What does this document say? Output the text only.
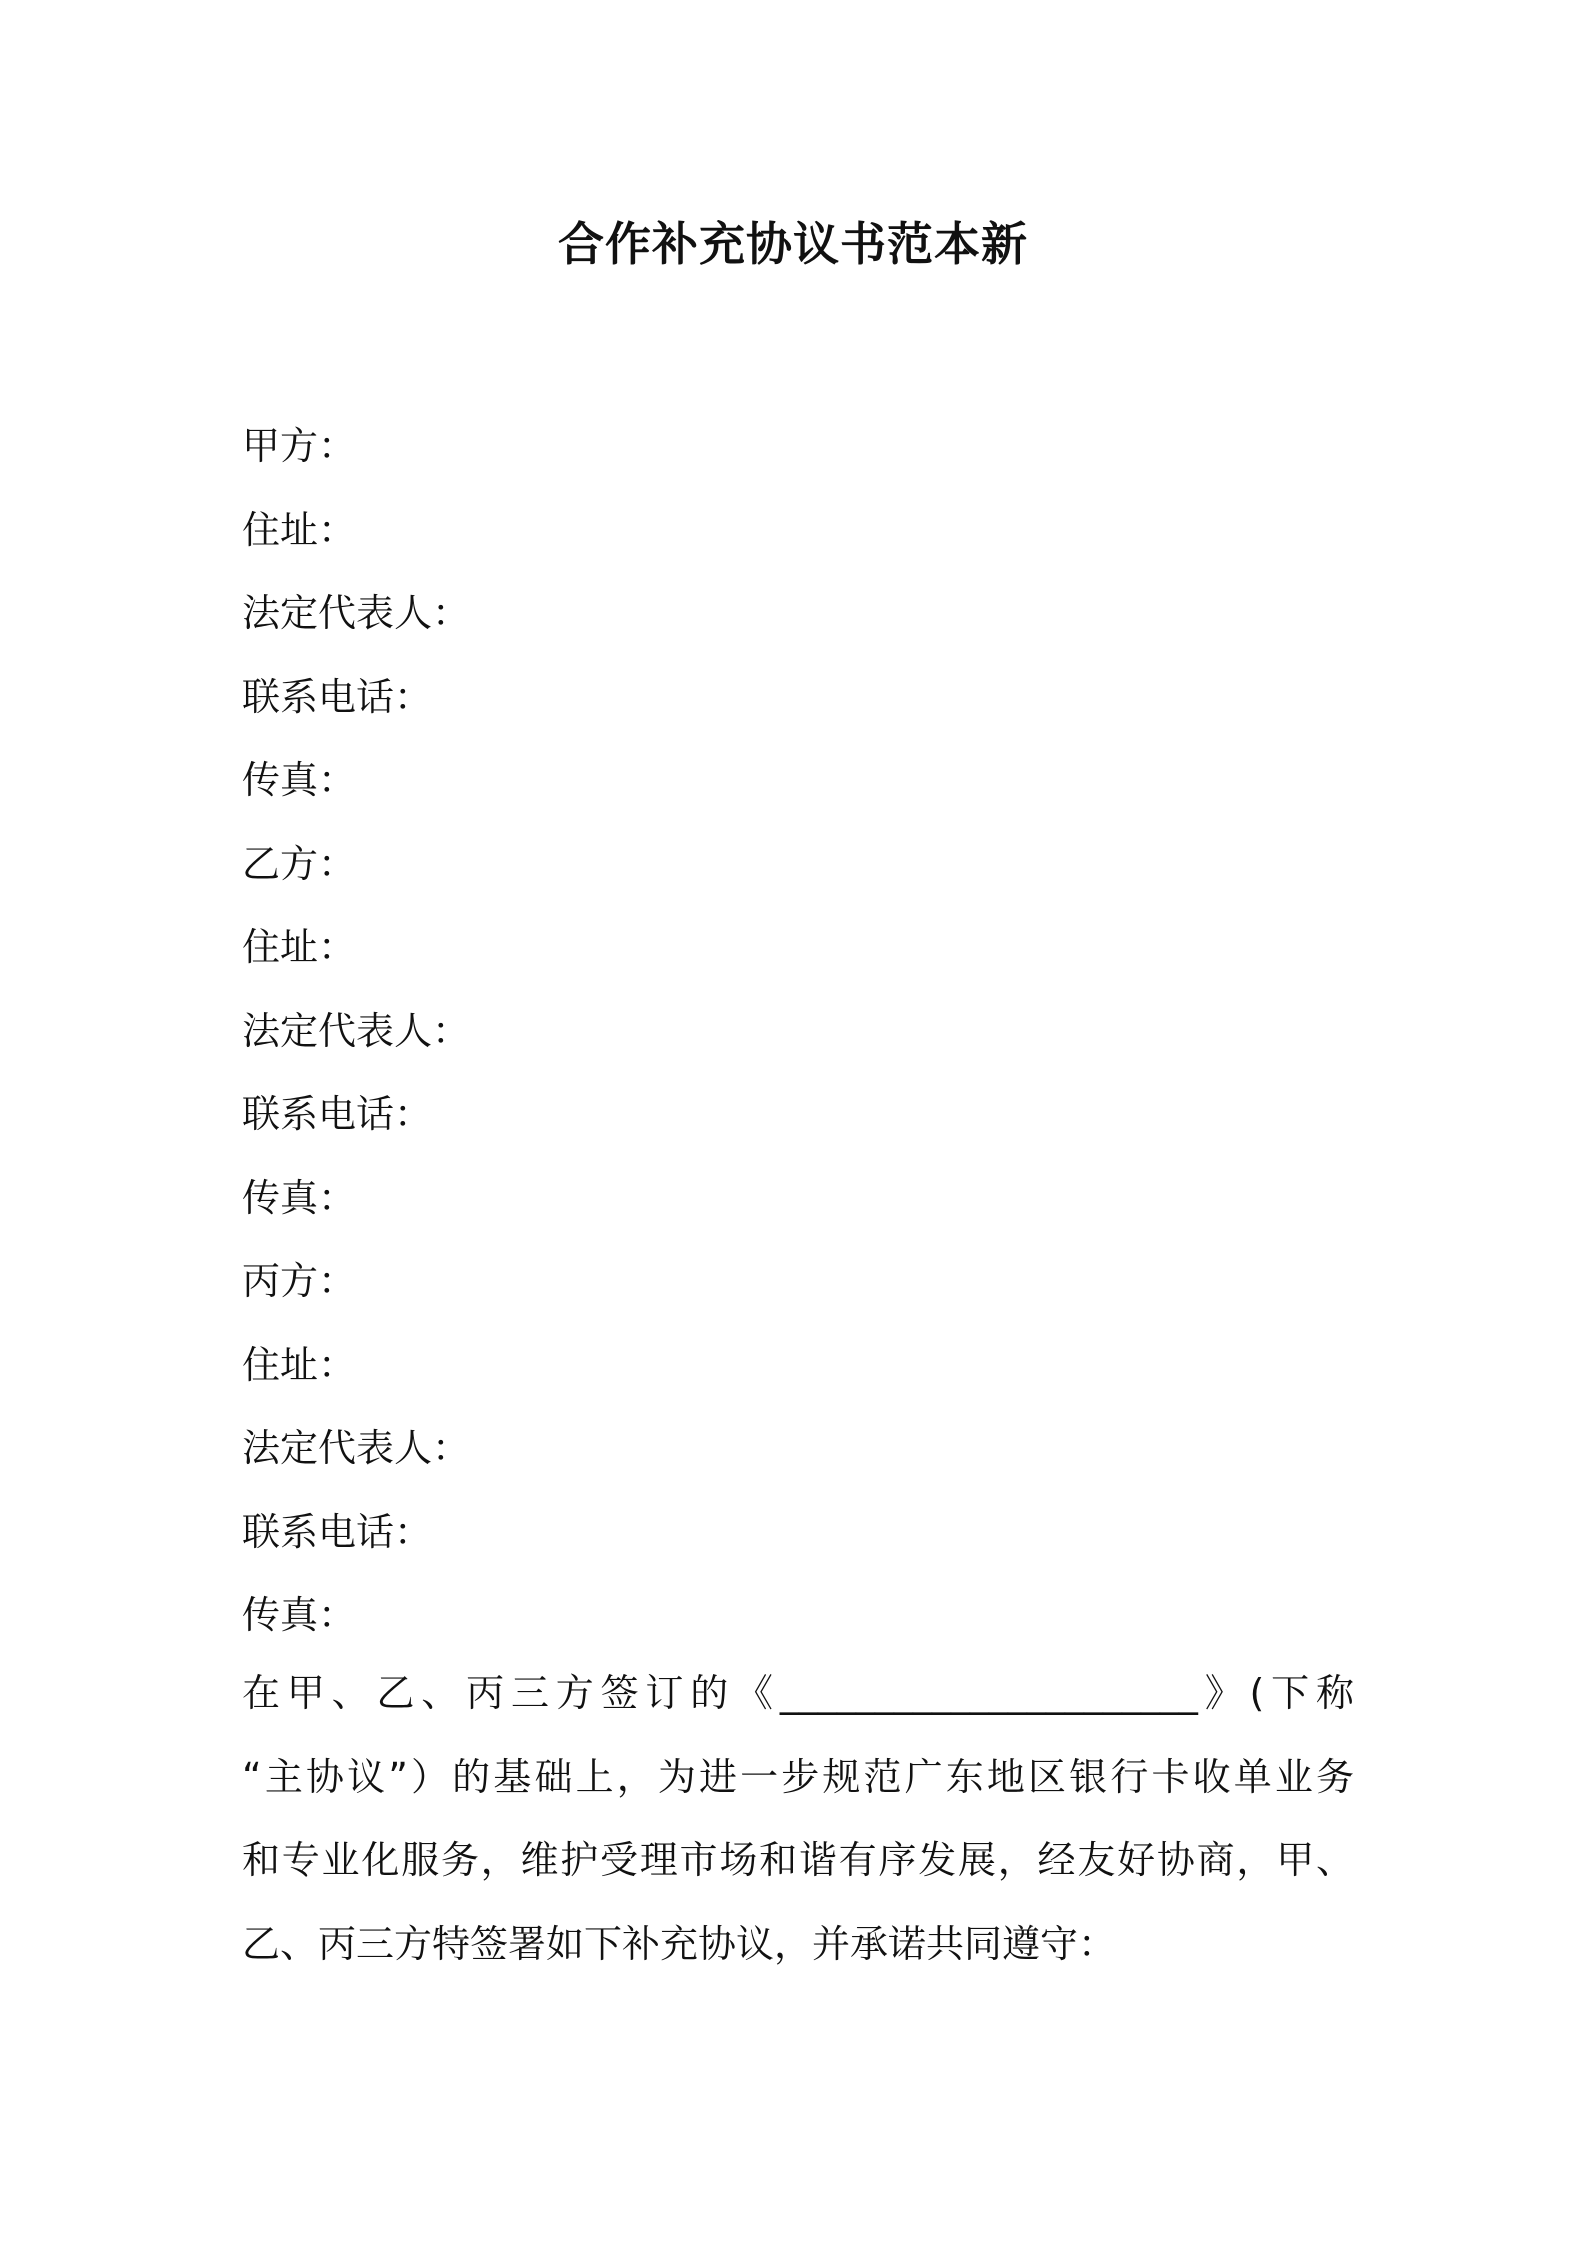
合作补充协议书范本新
甲方：
住址：
法定代表人：
联系电话：
传真：
乙方：
住址：
法定代表人：
联系电话：
传真：
丙方：
住址：
法定代表人：
联系电话：
传真：
在甲、乙、丙三方签订的《______________________》(下称
“主协议”）的基础上，为进一步规范广东地区银行卡收单业务
和专业化服务，维护受理市场和谐有序发展，经友好协商，甲、
乙、丙三方特签署如下补充协议，并承诺共同遵守：
